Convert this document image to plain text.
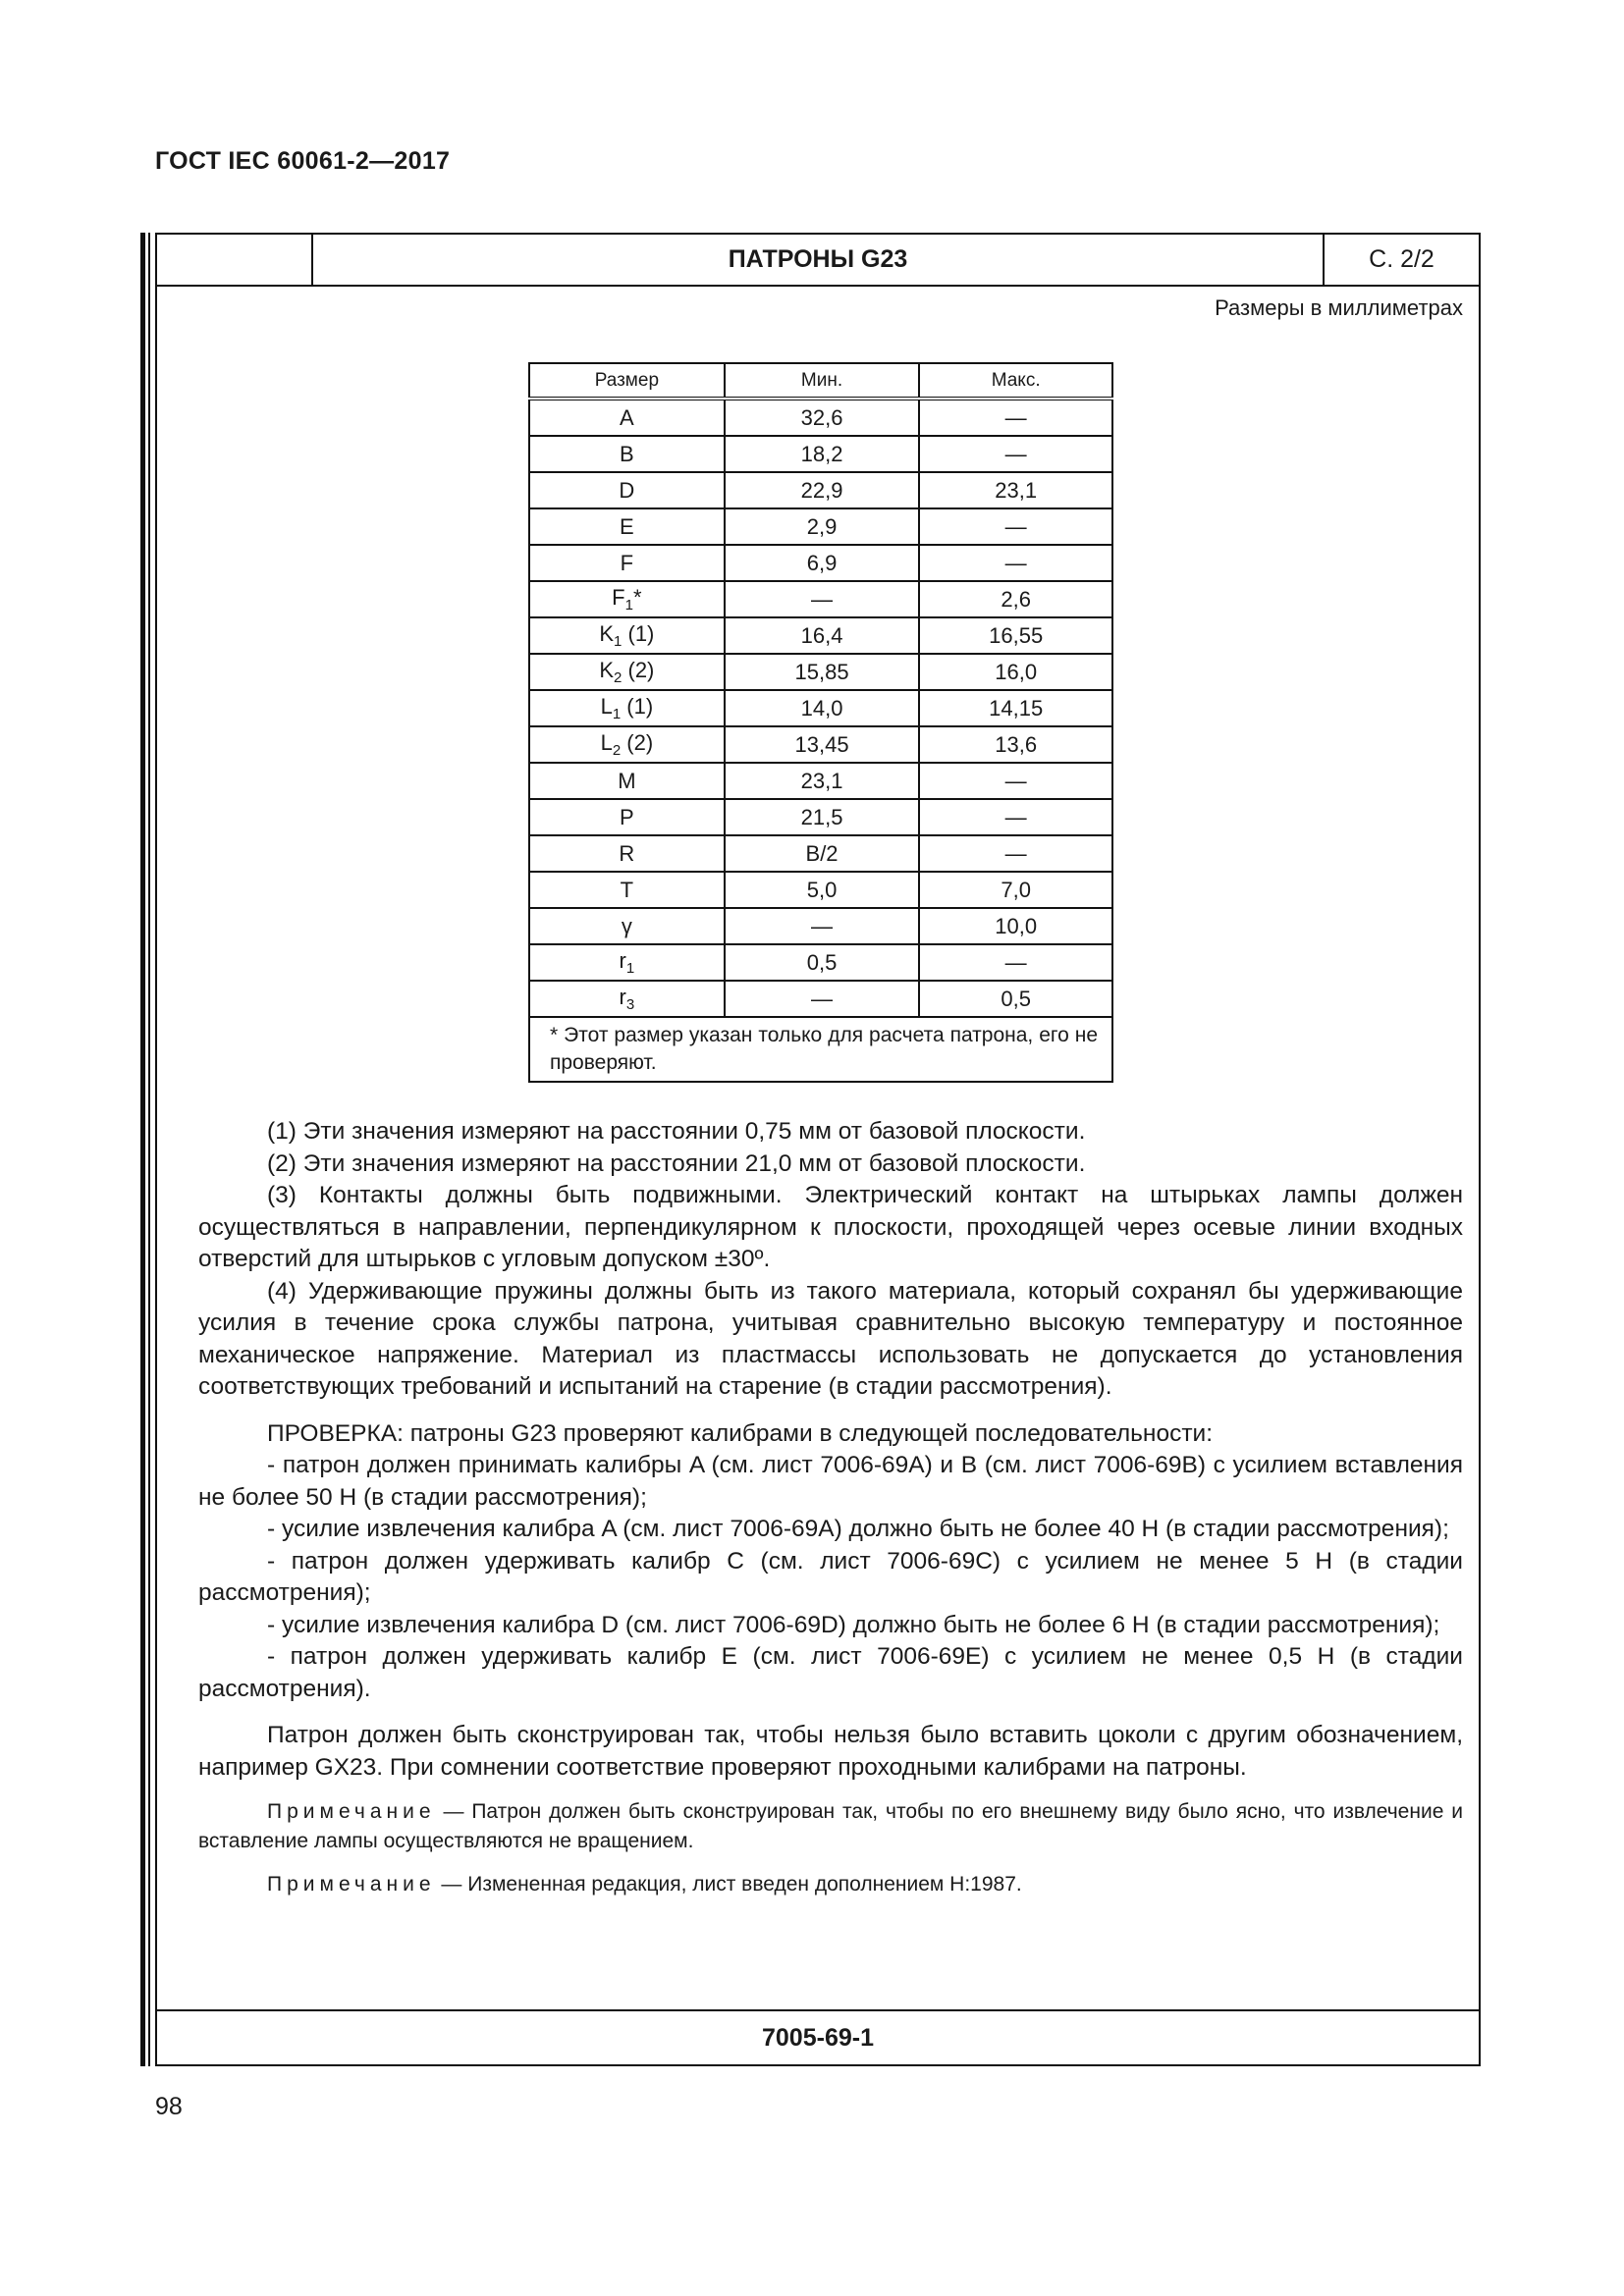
ГОСТ IEC 60061-2—2017
ПАТРОНЫ G23	С. 2/2
Размеры в миллиметрах
Размер	Мин.	Макс.
A	32,6	—
B	18,2	—
D	22,9	23,1
E	2,9	—
F	6,9	—
$F_1*$	—	2,6
$K_1$ (1)	16,4	16,55
$K_2$ (2)	15,85	16,0
$L_1$ (1)	14,0	14,15
$L_2$ (2)	13,45	13,6
M	23,1	—
P	21,5	—
R	B/2	—
T	5,0	7,0
γ	—	10,0
$r_1$	0,5	—
$r_3$	—	0,5
* Этот размер указан только для расчета патрона, его не проверяют.		

(1) Эти значения измеряют на расстоянии 0,75 мм от базовой плоскости.

(2) Эти значения измеряют на расстоянии 21,0 мм от базовой плоскости.

(3) Контакты должны быть подвижными. Электрический контакт на штырьках лампы должен осуществляться в направлении, перпендикулярном к плоскости, проходящей через осевые линии входных отверстий для штырьков с угловым допуском ±30º.

(4) Удерживающие пружины должны быть из такого материала, который сохранял бы удерживающие усилия в течение срока службы патрона, учитывая сравнительно высокую температуру и постоянное механическое напряжение. Материал из пластмассы использовать не допускается до установления соответствующих требований и испытаний на старение (в стадии рассмотрения).

ПРОВЕРКА: патроны G23 проверяют калибрами в следующей последовательности:

- патрон должен принимать калибры A (см. лист 7006-69A) и B (см. лист 7006-69B) с усилием вставления не более 50 Н (в стадии рассмотрения);

- усилие извлечения калибра A (см. лист 7006-69A) должно быть не более 40 Н (в стадии рассмотрения);

- патрон должен удерживать калибр C (см. лист 7006-69C) с усилием не менее 5 Н (в стадии рассмотрения);

- усилие извлечения калибра D (см. лист 7006-69D) должно быть не более 6 Н (в стадии рассмотрения);

- патрон должен удерживать калибр E (см. лист 7006-69E) с усилием не менее 0,5 Н (в стадии рассмотрения).

Патрон должен быть сконструирован так, чтобы нельзя было вставить цоколи с другим обозначением, например GX23. При сомнении соответствие проверяют проходными калибрами на патроны.

Примечание — Патрон должен быть сконструирован так, чтобы по его внешнему виду было ясно, что извлечение и вставление лампы осуществляются не вращением.

Примечание — Измененная редакция, лист введен дополнением Н:1987.

7005-69-1
98
